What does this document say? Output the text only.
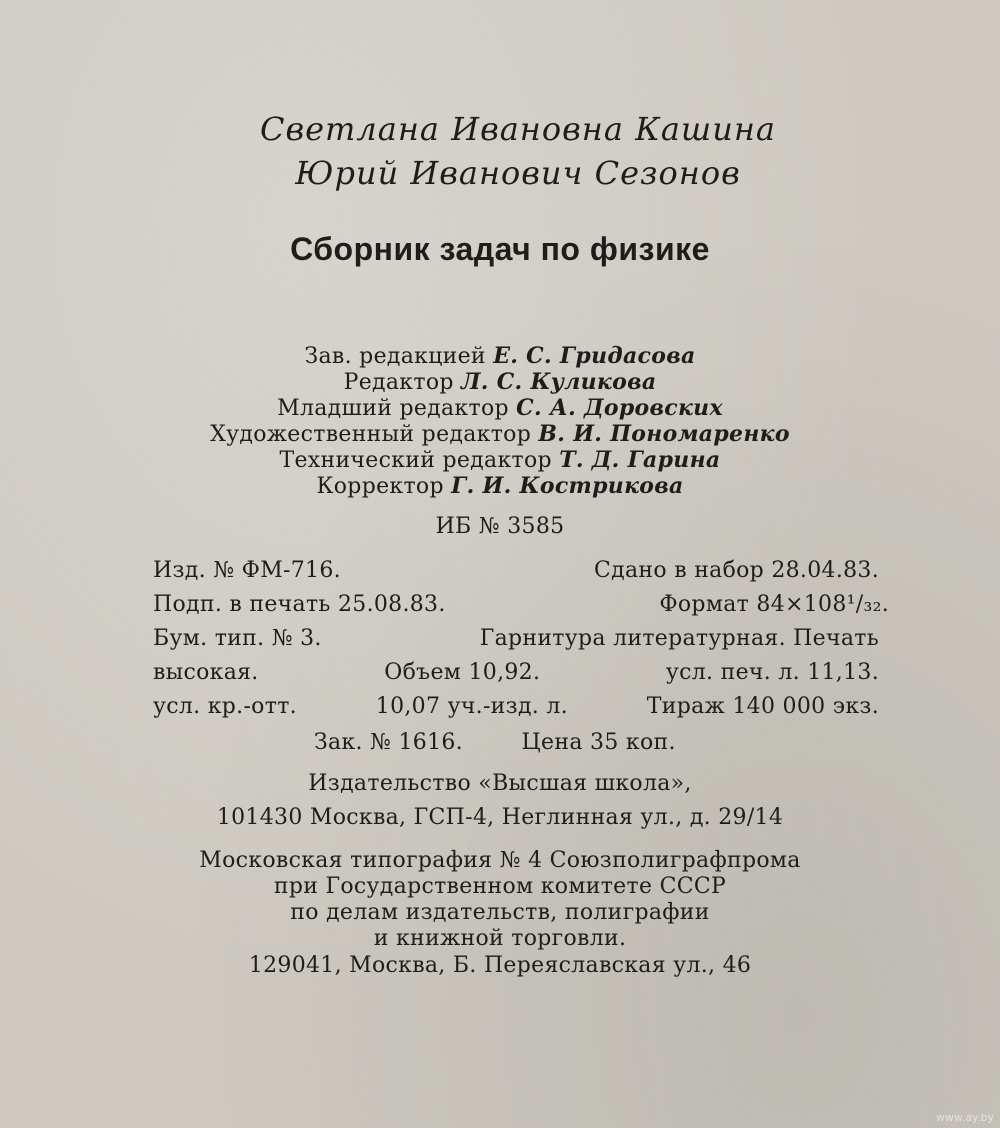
Светлана Ивановна Кашина
Юрий Иванович Сезонов
Сборник задач по физике
Зав. редакцией Е. С. Гридасова
Редактор Л. С. Куликова
Младший редактор С. А. Доровских
Художественный редактор В. И. Пономаренко
Технический редактор Т. Д. Гарина
Корректор Г. И. Кострикова
ИБ № 3585
Изд. № ФМ-716.	Сдано в набор 28.04.83.
Подп. в печать 25.08.83.	Формат 84×108¹/₃₂.
Бум. тип. № 3.	Гарнитура литературная. Печать
высокая.	Объем 10,92.	усл. печ. л. 11,13.
усл. кр.-отт.	10,07 уч.-изд. л.	Тираж 140 000 экз.
Зак. № 1616.	Цена 35 коп.
Издательство «Высшая школа»,
101430 Москва, ГСП-4, Неглинная ул., д. 29/14
Московская типография № 4 Союзполиграфпрома
при Государственном комитете СССР
по делам издательств, полиграфии
и книжной торговли.
129041, Москва, Б. Переяславская ул., 46
www.ay.by
